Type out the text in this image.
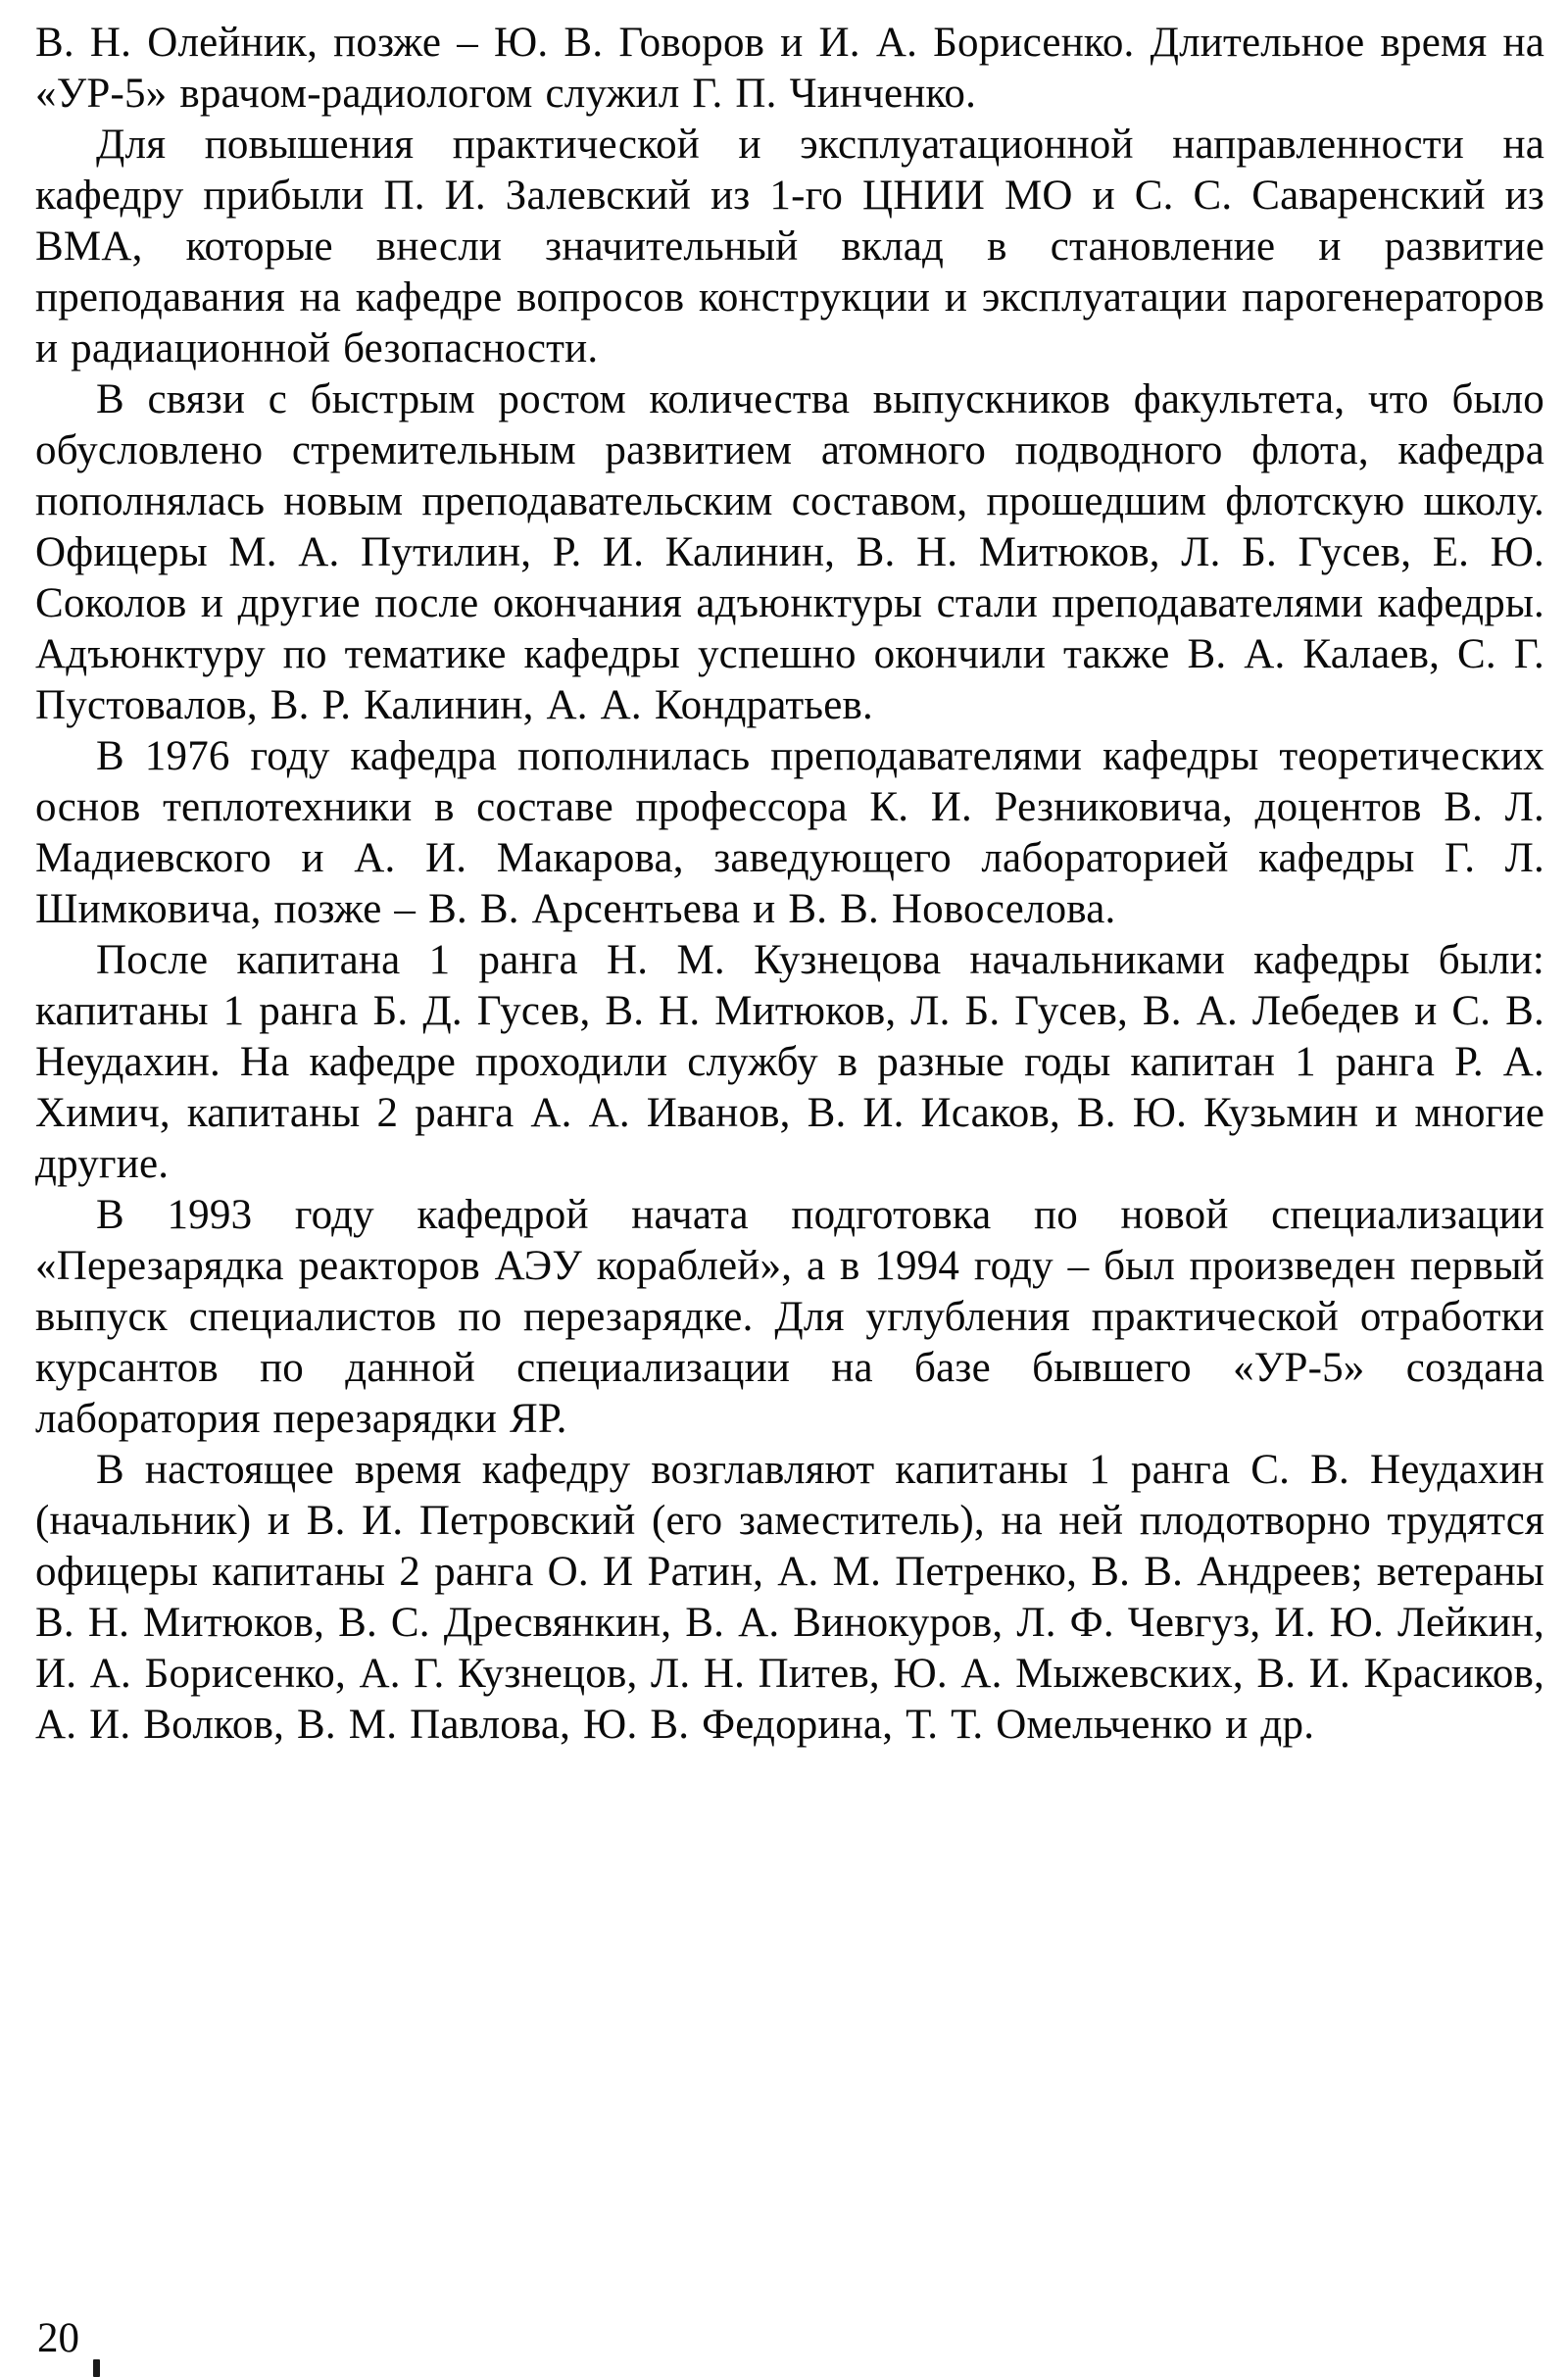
В. Н. Олейник, позже – Ю. В. Говоров и И. А. Борисенко. Длительное время на «УР-5» врачом-радиологом служил Г. П. Чинченко.

Для повышения практической и эксплуатационной направленности на кафедру прибыли П. И. Залевский из 1-го ЦНИИ МО и С. С. Саваренский из ВМА, которые внесли значительный вклад в становление и развитие преподавания на кафедре вопросов конструкции и эксплуатации парогенераторов и радиационной безопасности.

В связи с быстрым ростом количества выпускников факультета, что было обусловлено стремительным развитием атомного подводного флота, кафедра пополнялась новым преподавательским составом, прошедшим флотскую школу. Офицеры М. А. Путилин, Р. И. Калинин, В. Н. Митюков, Л. Б. Гусев, Е. Ю. Соколов и другие после окончания адъюнктуры стали преподавателями кафедры. Адъюнктуру по тематике кафедры успешно окончили также В. А. Калаев, С. Г. Пустовалов, В. Р. Калинин, А. А. Кондратьев.

В 1976 году кафедра пополнилась преподавателями кафедры теоретических основ теплотехники в составе профессора К. И. Резниковича, доцентов В. Л. Мадиевского и А. И. Макарова, заведующего лабораторией кафедры Г. Л. Шимковича, позже – В. В. Арсентьева и В. В. Новоселова.

После капитана 1 ранга Н. М. Кузнецова начальниками кафедры были: капитаны 1 ранга Б. Д. Гусев, В. Н. Митюков, Л. Б. Гусев, В. А. Лебедев и С. В. Неудахин. На кафедре проходили службу в разные годы капитан 1 ранга Р. А. Химич, капитаны 2 ранга А. А. Иванов, В. И. Исаков, В. Ю. Кузьмин и многие другие.

В 1993 году кафедрой начата подготовка по новой специализации «Перезарядка реакторов АЭУ кораблей», а в 1994 году – был произведен первый выпуск специалистов по перезарядке. Для углубления практической отработки курсантов по данной специализации на базе бывшего «УР-5» создана лаборатория перезарядки ЯР.

В настоящее время кафедру возглавляют капитаны 1 ранга С. В. Неудахин (начальник) и В. И. Петровский (его заместитель), на ней плодотворно трудятся офицеры капитаны 2 ранга О. И Ратин, А. М. Петренко, В. В. Андреев; ветераны В. Н. Митюков, В. С. Дресвянкин, В. А. Винокуров, Л. Ф. Чевгуз, И. Ю. Лейкин, И. А. Борисенко, А. Г. Кузнецов, Л. Н. Питев, Ю. А. Мыжевских, В. И. Красиков, А. И. Волков, В. М. Павлова, Ю. В. Федорина, Т. Т. Омельченко и др.

20
